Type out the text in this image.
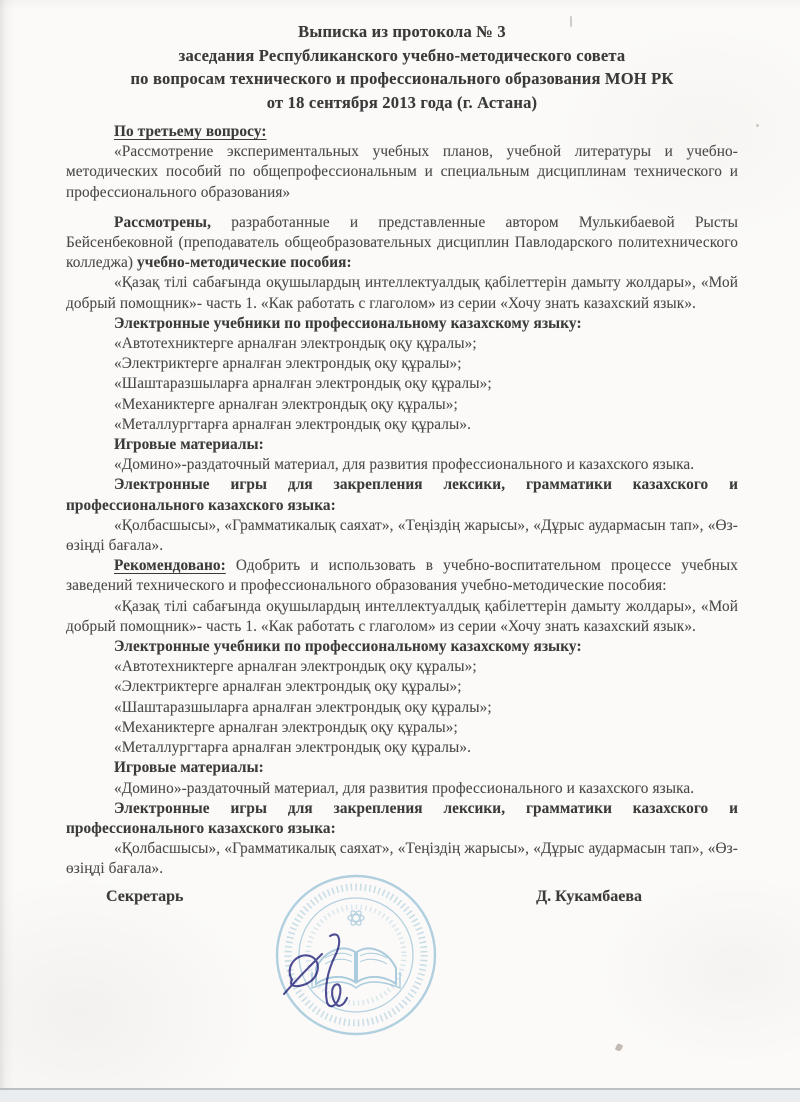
Выписка из протокола № 3
заседания Республиканского учебно-методического совета
по вопросам технического и профессионального образования МОН РК
от 18 сентября 2013 года (г. Астана)

По третьему вопросу:

«Рассмотрение экспериментальных учебных планов, учебной литературы и учебно-методических пособий по общепрофессиональным и специальным дисциплинам технического и профессионального образования»

Рассмотрены, разработанные и представленные автором Мулькибаевой Рысты Бейсенбековной (преподаватель общеобразовательных дисциплин Павлодарского политехнического колледжа) учебно-методические пособия:

«Қазақ тілі сабағында оқушылардың интеллектуалдық қабілеттерін дамыту жолдары», «Мой добрый помощник»- часть 1. «Как работать с глаголом» из серии «Хочу знать казахский язык».

Электронные учебники по профессиональному казахскому языку:

«Автотехниктерге арналған электрондық оқу құралы»;

«Электриктерге арналған электрондық оқу құралы»;

«Шаштаразшыларға арналған электрондық оқу құралы»;

«Механиктерге арналған электрондық оқу құралы»;

«Металлургтарға арналған электрондық оқу құралы».

Игровые материалы:

«Домино»-раздаточный материал, для развития профессионального и казахского языка.

Электронные игры для закрепления лексики, грамматики казахского и профессионального казахского языка:

«Қолбасшысы», «Грамматикалық саяхат», «Теңіздің жарысы», «Дұрыс аудармасын тап», «Өз-өзіңді бағала».

Рекомендовано: Одобрить и использовать в учебно-воспитательном процессе учебных заведений технического и профессионального образования учебно-методические пособия:

«Қазақ тілі сабағында оқушылардың интеллектуалдық қабілеттерін дамыту жолдары», «Мой добрый помощник»- часть 1. «Как работать с глаголом» из серии «Хочу знать казахский язык».

Электронные учебники по профессиональному казахскому языку:

«Автотехниктерге арналған электрондық оқу құралы»;

«Электриктерге арналған электрондық оқу құралы»;

«Шаштаразшыларға арналған электрондық оқу құралы»;

«Механиктерге арналған электрондық оқу құралы»;

«Металлургтарға арналған электрондық оқу құралы».

Игровые материалы:

«Домино»-раздаточный материал, для развития профессионального и казахского языка.

Электронные игры для закрепления лексики, грамматики казахского и профессионального казахского языка:

«Қолбасшысы», «Грамматикалық саяхат», «Теңіздің жарысы», «Дұрыс аудармасын тап», «Өз-өзіңді бағала».

Секретарь	Д. Кукамбаева
